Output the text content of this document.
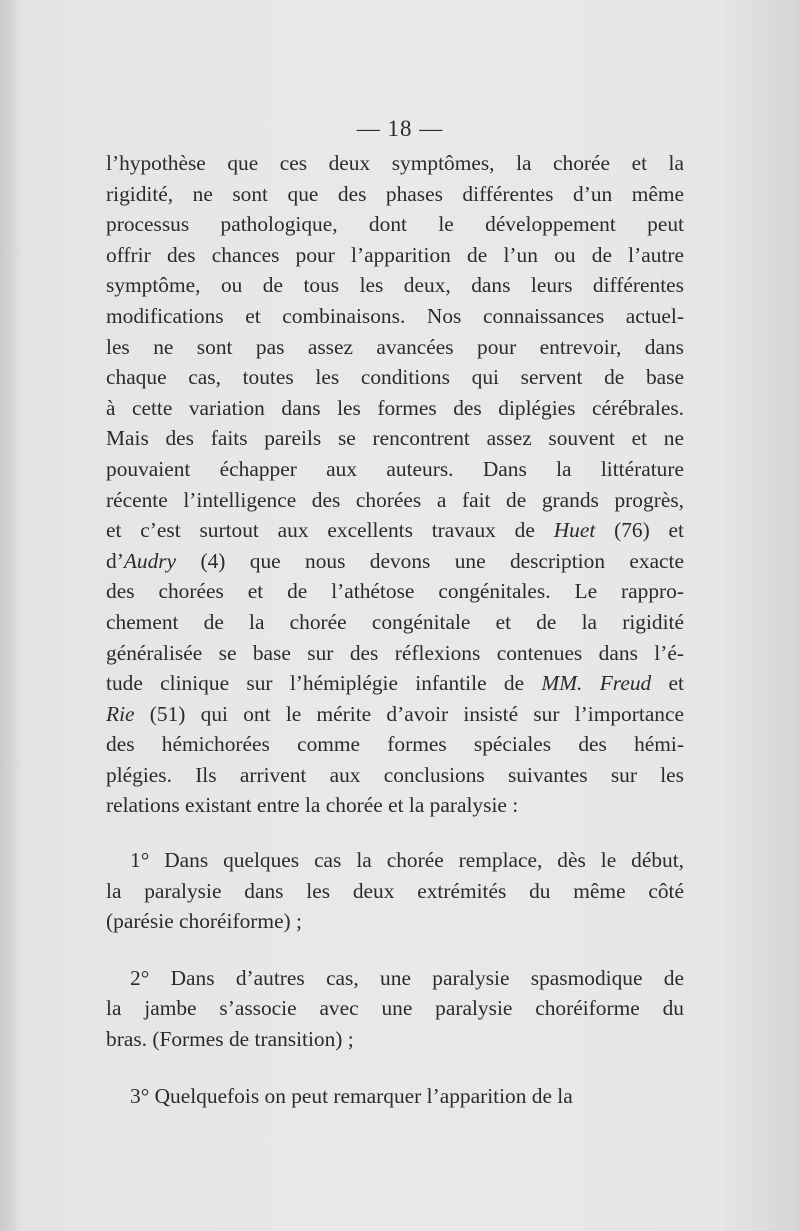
— 18 —
l’hypothèse que ces deux symptômes, la chorée et la
rigidité, ne sont que des phases différentes d’un même
processus pathologique, dont le développement peut
offrir des chances pour l’apparition de l’un ou de l’autre
symptôme, ou de tous les deux, dans leurs différentes
modifications et combinaisons. Nos connaissances actuel-
les ne sont pas assez avancées pour entrevoir, dans
chaque cas, toutes les conditions qui servent de base
à cette variation dans les formes des diplégies cérébrales.
Mais des faits pareils se rencontrent assez souvent et ne
pouvaient échapper aux auteurs. Dans la littérature
récente l’intelligence des chorées a fait de grands progrès,
et c’est surtout aux excellents travaux de Huet (76) et
d’Audry (4) que nous devons une description exacte
des chorées et de l’athétose congénitales. Le rappro-
chement de la chorée congénitale et de la rigidité
généralisée se base sur des réflexions contenues dans l’é-
tude clinique sur l’hémiplégie infantile de MM. Freud et
Rie (51) qui ont le mérite d’avoir insisté sur l’importance
des hémichorées comme formes spéciales des hémi-
plégies. Ils arrivent aux conclusions suivantes sur les
relations existant entre la chorée et la paralysie :
1° Dans quelques cas la chorée remplace, dès le début,
la paralysie dans les deux extrémités du même côté
(parésie choréiforme) ;
2° Dans d’autres cas, une paralysie spasmodique de
la jambe s’associe avec une paralysie choréiforme du
bras. (Formes de transition) ;
3° Quelquefois on peut remarquer l’apparition de la
